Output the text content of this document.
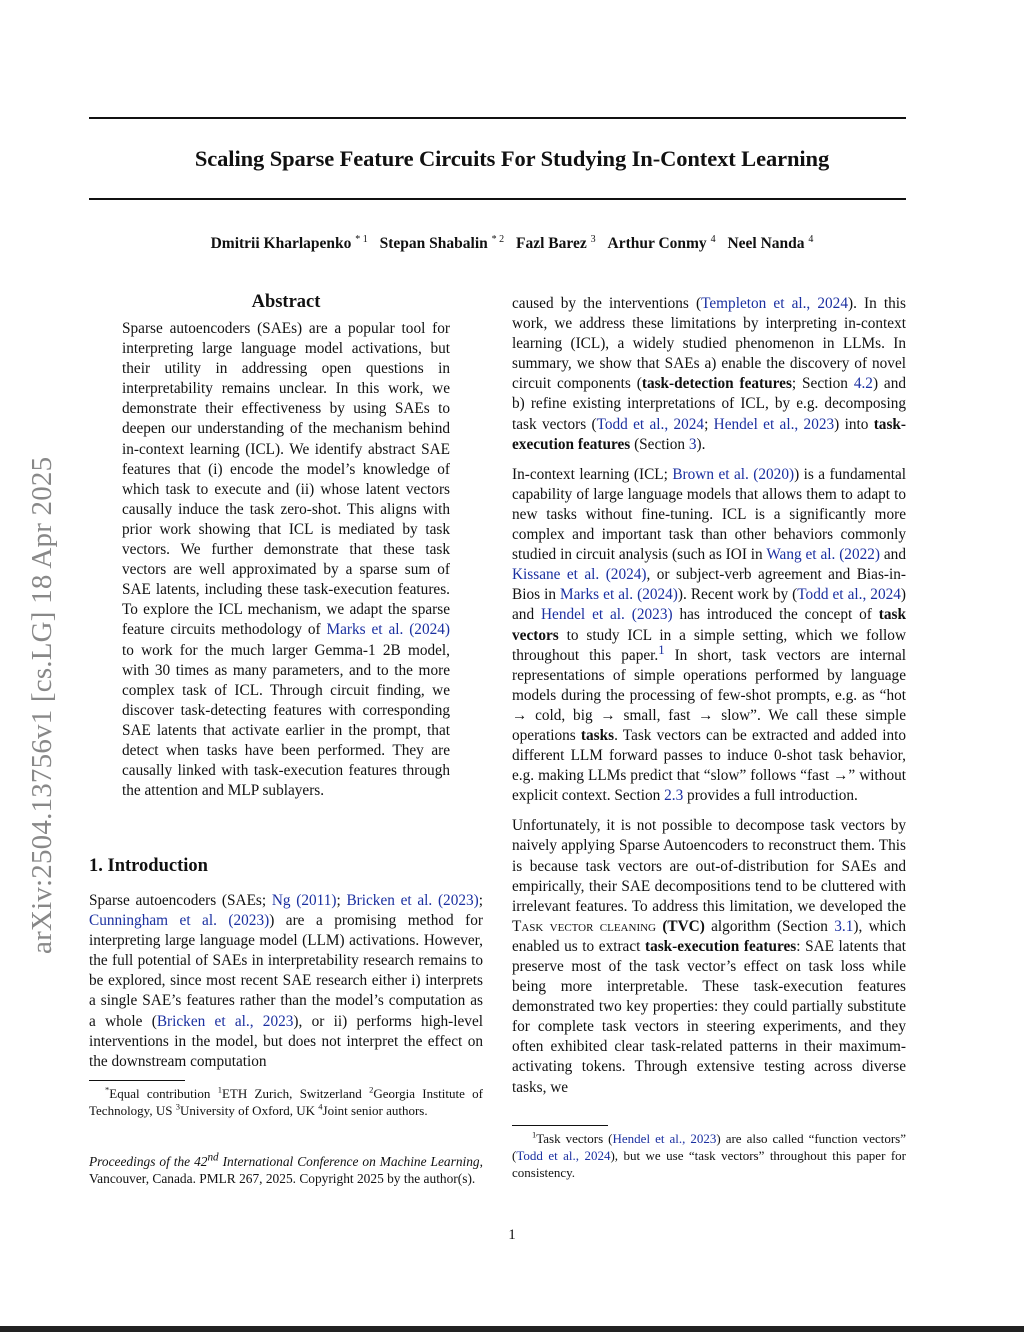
Scaling Sparse Feature Circuits For Studying In-Context Learning
Dmitrii Kharlapenko $^{* 1}$ Stepan Shabalin $^{* 2}$ Fazl Barez $^3$ Arthur Conmy $^4$ Neel Nanda $^4$
arXiv:2504.13756v1 [cs.LG] 18 Apr 2025
Abstract

Sparse autoencoders (SAEs) are a popular tool for interpreting large language model activations, but their utility in addressing open questions in interpretability remains unclear. In this work, we demonstrate their effectiveness by using SAEs to deepen our understanding of the mechanism behind in-context learning (ICL). We identify abstract SAE features that (i) encode the model’s knowledge of which task to execute and (ii) whose latent vectors causally induce the task zero-shot. This aligns with prior work showing that ICL is mediated by task vectors. We further demonstrate that these task vectors are well approximated by a sparse sum of SAE latents, including these task-execution features. To explore the ICL mechanism, we adapt the sparse feature circuits methodology of Marks et al. (2024) to work for the much larger Gemma-1 2B model, with 30 times as many parameters, and to the more complex task of ICL. Through circuit finding, we discover task-detecting features with corresponding SAE latents that activate earlier in the prompt, that detect when tasks have been performed. They are causally linked with task-execution features through the attention and MLP sublayers.

1. Introduction

Sparse autoencoders (SAEs; Ng (2011); Bricken et al. (2023); Cunningham et al. (2023)) are a promising method for interpreting large language model (LLM) activations. However, the full potential of SAEs in interpretability research remains to be explored, since most recent SAE research either i) interprets a single SAE’s features rather than the model’s computation as a whole (Bricken et al., 2023), or ii) performs high-level interventions in the model, but does not interpret the effect on the downstream computation

*Equal contribution $^1$ETH Zurich, Switzerland $^2$Georgia Institute of Technology, US $^3$University of Oxford, UK $^4$Joint senior authors.
Proceedings of the 42nd International Conference on Machine Learning, Vancouver, Canada. PMLR 267, 2025. Copyright 2025 by the author(s).

caused by the interventions (Templeton et al., 2024). In this work, we address these limitations by interpreting in-context learning (ICL), a widely studied phenomenon in LLMs. In summary, we show that SAEs a) enable the discovery of novel circuit components (task-detection features; Section 4.2) and b) refine existing interpretations of ICL, by e.g. decomposing task vectors (Todd et al., 2024; Hendel et al., 2023) into task-execution features (Section 3).

In-context learning (ICL; Brown et al. (2020)) is a fundamental capability of large language models that allows them to adapt to new tasks without fine-tuning. ICL is a significantly more complex and important task than other behaviors commonly studied in circuit analysis (such as IOI in Wang et al. (2022) and Kissane et al. (2024), or subject-verb agreement and Bias-in-Bios in Marks et al. (2024)). Recent work by (Todd et al., 2024) and Hendel et al. (2023) has introduced the concept of task vectors to study ICL in a simple setting, which we follow throughout this paper.$^1$ In short, task vectors are internal representations of simple operations performed by language models during the processing of few-shot prompts, e.g. as “hot → cold, big → small, fast → slow”. We call these simple operations tasks. Task vectors can be extracted and added into different LLM forward passes to induce 0-shot task behavior, e.g. making LLMs predict that “slow” follows “fast →” without explicit context. Section 2.3 provides a full introduction.

Unfortunately, it is not possible to decompose task vectors by naively applying Sparse Autoencoders to reconstruct them. This is because task vectors are out-of-distribution for SAEs and empirically, their SAE decompositions tend to be cluttered with irrelevant features. To address this limitation, we developed the Task vector cleaning (TVC) algorithm (Section 3.1), which enabled us to extract task-execution features: SAE latents that preserve most of the task vector’s effect on task loss while being more interpretable. These task-execution features demonstrated two key properties: they could partially substitute for complete task vectors in steering experiments, and they often exhibited clear task-related patterns in their maximum-activating tokens. Through extensive testing across diverse tasks, we

$^1$Task vectors (Hendel et al., 2023) are also called “function vectors” (Todd et al., 2024), but we use “task vectors” throughout this paper for consistency.
1
